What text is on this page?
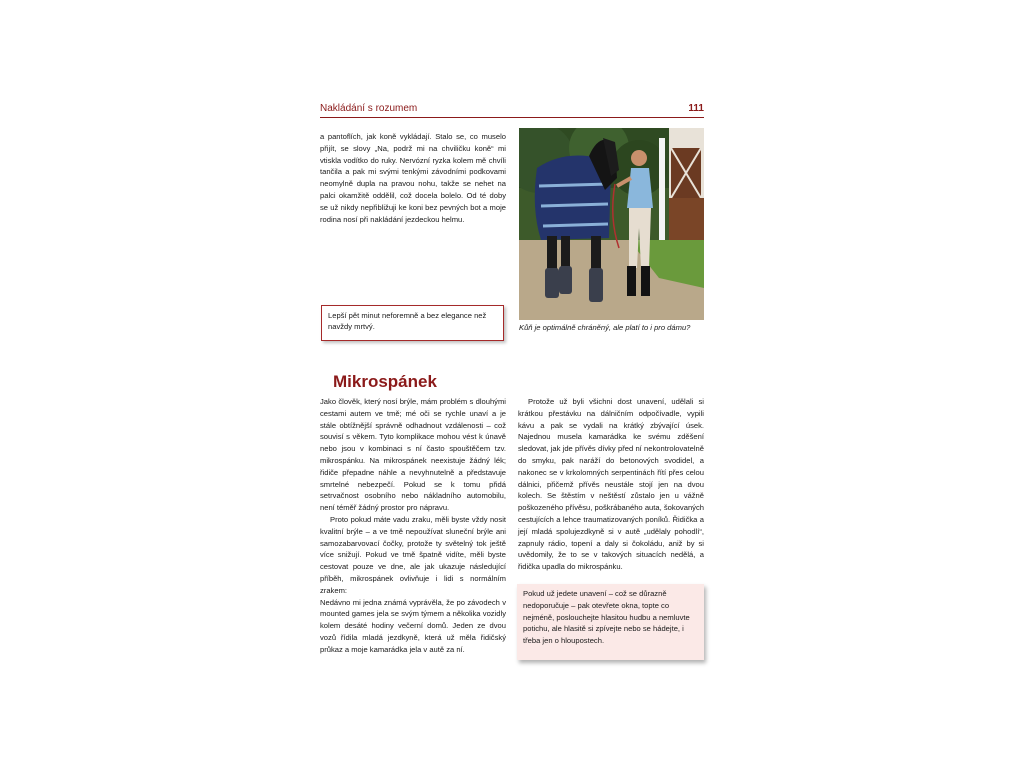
Nakládání s rozumem	111

a pantoflích, jak koně vykládají. Stalo se, co muselo přijít, se slovy „Na, podrž mi na chviličku koně“ mi vtiskla vodítko do ruky. Nervózní ryzka kolem mě chvíli tančila a pak mi svými tenkými závodními podkovami neomylně dupla na pravou nohu, takže se nehet na palci okamžitě oddělil, což docela bolelo. Od té doby se už nikdy nepřibližuji ke koni bez pevných bot a moje rodina nosí při nakládání jezdeckou helmu.

Lepší pět minut neforemně a bez elegance než navždy mrtvý.	Kůň je optimálně chráněný, ale platí to i pro dámu?

Mikrospánek

Jako člověk, který nosí brýle, mám problém s dlouhými cestami autem ve tmě; mé oči se rychle unaví a je stále obtížnější správně odhadnout vzdálenosti – což souvisí s věkem. Tyto komplikace mohou vést k únavě nebo jsou v kombinaci s ní často spouštěčem tzv. mikrospánku. Na mikrospánek neexistuje žádný lék; řidiče přepadne náhle a nevyhnutelně a představuje smrtelné nebezpečí. Pokud se k tomu přidá setrvačnost osobního nebo nákladního automobilu, není téměř žádný prostor pro nápravu.

Proto pokud máte vadu zraku, měli byste vždy nosit kvalitní brýle – a ve tmě nepoužívat sluneční brýle ani samozabarvovací čočky, protože ty světelný tok ještě více snižují. Pokud ve tmě špatně vidíte, měli byste cestovat pouze ve dne, ale jak ukazuje následující příběh, mikrospánek ovlivňuje i lidi s normálním zrakem:

Nedávno mi jedna známá vyprávěla, že po závodech v mounted games jela se svým týmem a několika vozidly kolem desáté hodiny večerní domů. Jeden ze dvou vozů řídila mladá jezdkyně, která už měla řidičský průkaz a moje kamarádka jela v autě za ní.

Protože už byli všichni dost unavení, udělali si krátkou přestávku na dálničním odpočívadle, vypili kávu a pak se vydali na krátký zbývající úsek. Najednou musela kamarádka ke svému zděšení sledovat, jak jde přívěs dívky před ní nekontrolovatelně do smyku, pak naráží do betonových svodidel, a nakonec se v krkolomných serpentinách řítí přes celou dálnici, přičemž přívěs neustále stojí jen na dvou kolech. Se štěstím v neštěstí zůstalo jen u vážně poškozeného přívěsu, poškrábaného auta, šokovaných cestujících a lehce traumatizovaných poníků. Řidička a její mladá spolujezdkyně si v autě „udělaly pohodlí“, zapnuly rádio, topení a daly si čokoládu, aniž by si uvědomily, že to se v takových situacích nedělá, a řidička upadla do mikrospánku.

Pokud už jedete unavení – což se důrazně nedoporučuje – pak otevřete okna, topte co nejméně, poslouchejte hlasitou hudbu a nemluvte potichu, ale hlasitě si zpívejte nebo se hádejte, i třeba jen o hloupostech.
